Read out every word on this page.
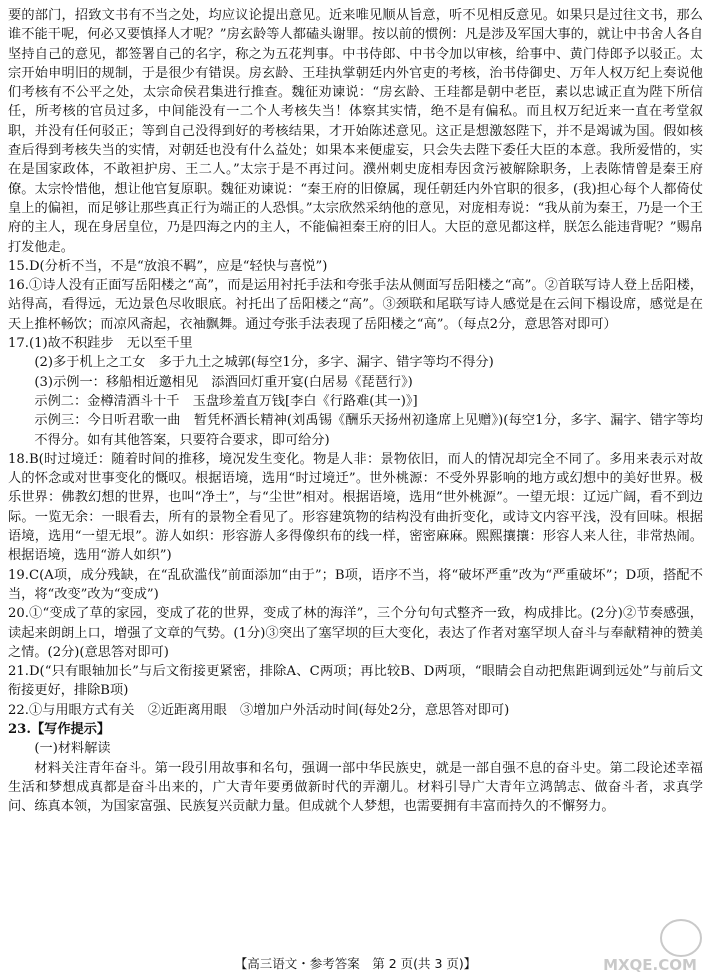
要的部门，招致文书有不当之处，均应议论提出意见。近来唯见顺从旨意，听不见相反意见。如果只是过往文书，那么谁不能干呢，何必又要慎择人才呢？”房玄龄等人都磕头谢罪。按以前的惯例：凡是涉及军国大事的，就让中书舍人各自坚持自己的意见，都签署自己的名字，称之为五花判事。中书侍郎、中书令加以审核，给事中、黄门侍郎予以驳正。太宗开始申明旧的规制，于是很少有错误。房玄龄、王珪执掌朝廷内外官吏的考核，治书侍御史、万年人权万纪上奏说他们考核有不公平之处，太宗命侯君集进行推查。魏征劝谏说：“房玄龄、王珪都是朝中老臣，素以忠诚正直为陛下所信任，所考核的官员过多，中间能没有一二个人考核失当！体察其实情，绝不是有偏私。而且权万纪近来一直在考堂叙职，并没有任何驳正；等到自己没得到好的考核结果，才开始陈述意见。这正是想激怒陛下，并不是竭诚为国。假如核查后得到考核失当的实情，对朝廷也没有什么益处；如果本来便虚妄，只会失去陛下委任大臣的本意。我所爱惜的，实在是国家政体，不敢袒护房、王二人。”太宗于是不再过问。濮州刺史庞相寿因贪污被解除职务，上表陈情曾是秦王府僚。太宗怜惜他，想让他官复原职。魏征劝谏说：“秦王府的旧僚属，现任朝廷内外官职的很多，(我)担心每个人都倚仗皇上的偏袒，而足够让那些真正行为端正的人恐惧。”太宗欣然采纳他的意见，对庞相寿说：“我从前为秦王，乃是一个王府的主人，现在身居皇位，乃是四海之内的主人，不能偏袒秦王府的旧人。大臣的意见都这样，朕怎么能违背呢？”赐帛打发他走。

15.D(分析不当，不是“放浪不羁”，应是“轻快与喜悦”)

16.①诗人没有正面写岳阳楼之“高”，而是运用衬托手法和夸张手法从侧面写岳阳楼之“高”。②首联写诗人登上岳阳楼，站得高，看得远，无边景色尽收眼底。衬托出了岳阳楼之“高”。③颈联和尾联写诗人感觉是在云间下榻设席，感觉是在天上推杯畅饮；而凉风斋起，衣袖飘舞。通过夸张手法表现了岳阳楼之“高”。（每点2分，意思答对即可）

17.(1)故不积跬步　无以至千里

(2)多于机上之工女　多于九土之城郭(每空1分，多字、漏字、错字等均不得分)

(3)示例一：移船相近邀相见　添酒回灯重开宴(白居易《琵琶行》)

示例二：金樽清酒斗十千　玉盘珍羞直万钱[李白《行路难(其一)》]

示例三：今日听君歌一曲　暂凭杯酒长精神(刘禹锡《酬乐天扬州初逢席上见赠》)(每空1分，多字、漏字、错字等均不得分。如有其他答案，只要符合要求，即可给分)

18.B(时过境迁：随着时间的推移，境况发生变化。物是人非：景物依旧，而人的情况却完全不同了。多用来表示对故人的怀念或对世事变化的慨叹。根据语境，选用“时过境迁”。世外桃源：不受外界影响的地方或幻想中的美好世界。极乐世界：佛教幻想的世界，也叫“净土”，与“尘世”相对。根据语境，选用“世外桃源”。一望无垠：辽远广阔，看不到边际。一览无余：一眼看去，所有的景物全看见了。形容建筑物的结构没有曲折变化，或诗文内容平浅，没有回味。根据语境，选用“一望无垠”。游人如织：形容游人多得像织布的线一样，密密麻麻。熙熙攘攘：形容人来人往，非常热闹。根据语境，选用“游人如织”)

19.C(A项，成分残缺，在“乱砍滥伐”前面添加“由于”；B项，语序不当，将“破坏严重”改为“严重破坏”；D项，搭配不当，将“改变”改为“变成”)

20.①“变成了草的家园，变成了花的世界，变成了林的海洋”，三个分句句式整齐一致，构成排比。(2分)②节奏感强，读起来朗朗上口，增强了文章的气势。(1分)③突出了塞罕坝的巨大变化，表达了作者对塞罕坝人奋斗与奉献精神的赞美之情。(2分)(意思答对即可)

21.D(“只有眼轴加长”与后文衔接更紧密，排除A、C两项；再比较B、D两项，“眼睛会自动把焦距调到远处”与前后文衔接更好，排除B项)

22.①与用眼方式有关　②近距离用眼　③增加户外活动时间(每处2分，意思答对即可)

23.【写作提示】

(一)材料解读

材料关注青年奋斗。第一段引用故事和名句，强调一部中华民族史，就是一部自强不息的奋斗史。第二段论述幸福生活和梦想成真都是奋斗出来的，广大青年要勇做新时代的弄潮儿。材料引导广大青年立鸿鹄志、做奋斗者，求真学问、练真本领，为国家富强、民族复兴贡献力量。但成就个人梦想，也需要拥有丰富而持久的不懈努力。

【高三语文・参考答案　第 2 页(共 3 页)】	MXQE.COM
